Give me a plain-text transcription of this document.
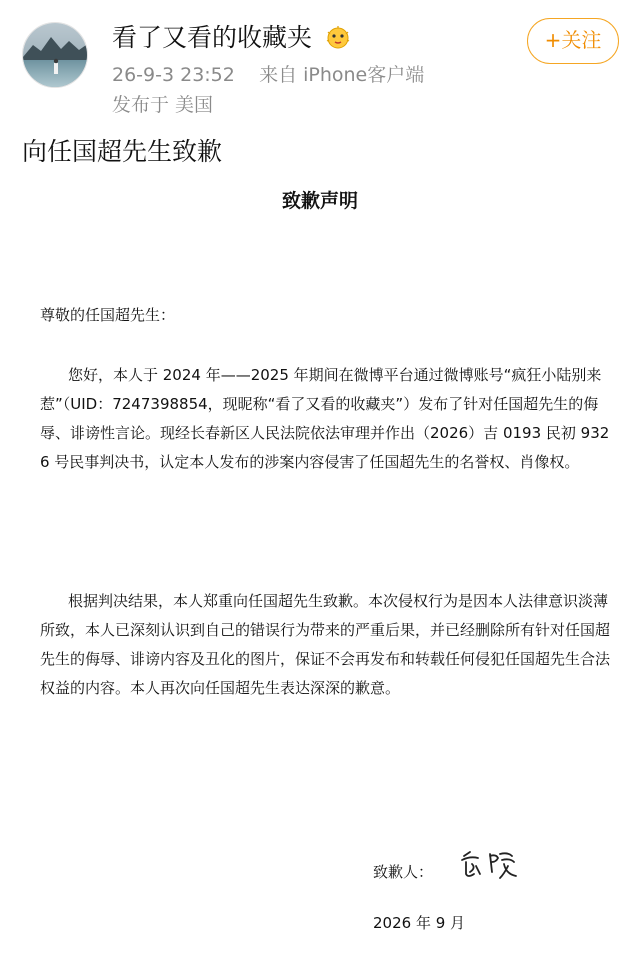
看了又看的收藏夹
26-9-3 23:52 来自 iPhone客户端
发布于 美国
+关注
向任国超先生致歉
致歉声明
尊敬的任国超先生：
您好，本人于 2024 年——2025 年期间在微博平台通过微博账号“疯狂小陆别来惹”（UID：7247398854，现昵称“看了又看的收藏夹”）发布了针对任国超先生的侮辱、诽谤性言论。现经长春新区人民法院依法审理并作出（2026）吉 0193 民初 9326 号民事判决书，认定本人发布的涉案内容侵害了任国超先生的名誉权、肖像权。
根据判决结果，本人郑重向任国超先生致歉。本次侵权行为是因本人法律意识淡薄所致，本人已深刻认识到自己的错误行为带来的严重后果，并已经删除所有针对任国超先生的侮辱、诽谤内容及丑化的图片，保证不会再发布和转载任何侵犯任国超先生合法权益的内容。本人再次向任国超先生表达深深的歉意。
致歉人：
2026 年 9 月
